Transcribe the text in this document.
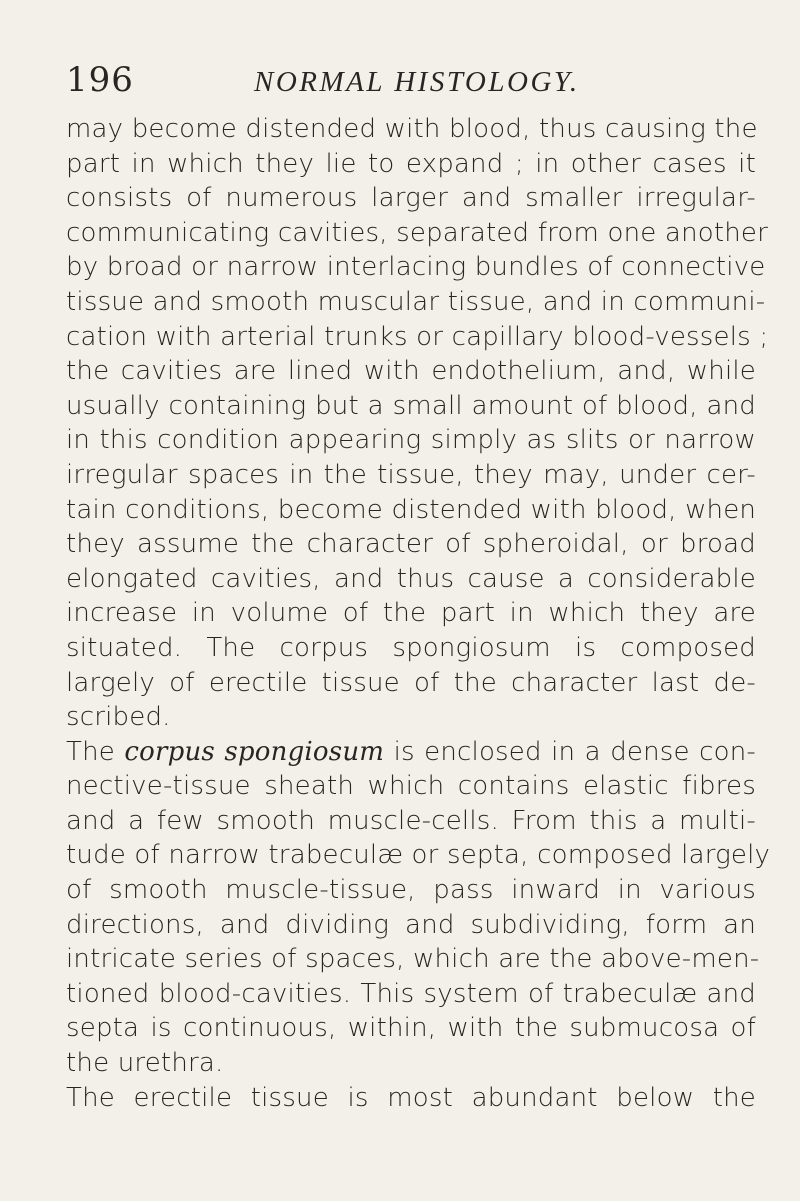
196	NORMAL HISTOLOGY.
may become distended with blood, thus causing the
part in which they lie to expand ; in other cases it
consists of numerous larger and smaller irregular-
communicating cavities, separated from one another
by broad or narrow interlacing bundles of connective
tissue and smooth muscular tissue, and in communi-
cation with arterial trunks or capillary blood-vessels ;
the cavities are lined with endothelium, and, while
usually containing but a small amount of blood, and
in this condition appearing simply as slits or narrow
irregular spaces in the tissue, they may, under cer-
tain conditions, become distended with blood, when
they assume the character of spheroidal, or broad
elongated cavities, and thus cause a considerable
increase in volume of the part in which they are
situated. The corpus spongiosum is composed
largely of erectile tissue of the character last de-
scribed.
The corpus spongiosum is enclosed in a dense con-
nective-tissue sheath which contains elastic fibres
and a few smooth muscle-cells. From this a multi-
tude of narrow trabeculæ or septa, composed largely
of smooth muscle-tissue, pass inward in various
directions, and dividing and subdividing, form an
intricate series of spaces, which are the above-men-
tioned blood-cavities. This system of trabeculæ and
septa is continuous, within, with the submucosa of
the urethra.
The erectile tissue is most abundant below the
